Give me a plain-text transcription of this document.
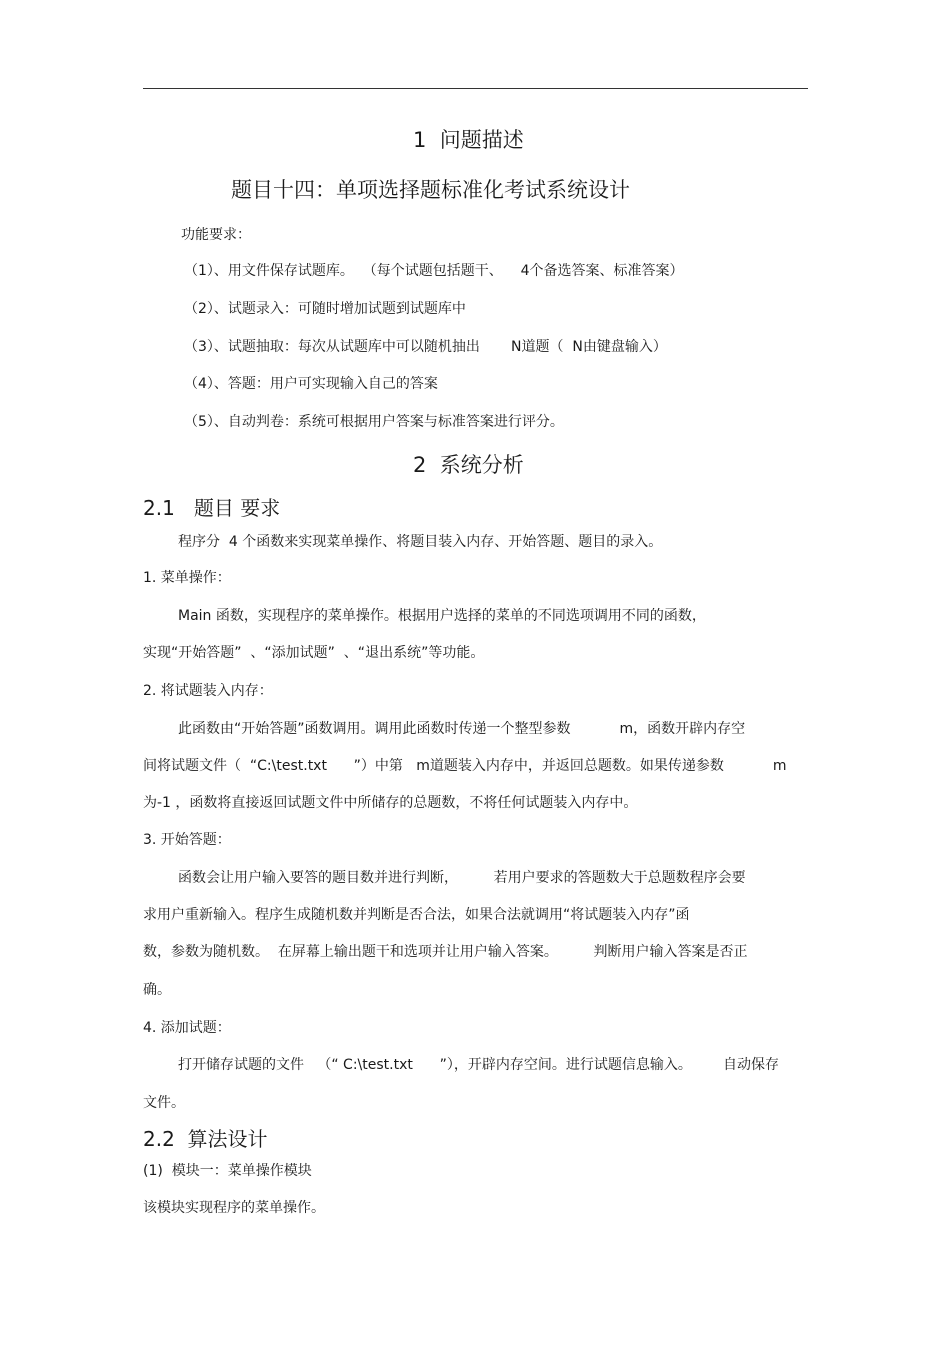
1  问题描述
题目十四：单项选择题标准化考试系统设计
功能要求：
（1）、用文件保存试题库。  （每个试题包括题干、    4个备选答案、标准答案）
（2）、试题录入：可随时增加试题到试题库中
（3）、试题抽取：每次从试题库中可以随机抽出       N道题（  N由键盘输入）
（4）、答题：用户可实现输入自己的答案
（5）、自动判卷：系统可根据用户答案与标准答案进行评分。
2  系统分析
2.1   题目 要求
程序分  4 个函数来实现菜单操作、将题目装入内存、开始答题、题目的录入。
1. 菜单操作：
Main 函数，实现程序的菜单操作。根据用户选择的菜单的不同选项调用不同的函数，
实现“开始答题”  、“添加试题”  、“退出系统”等功能。
2. 将试题装入内存：
此函数由“开始答题”函数调用。调用此函数时传递一个整型参数           m，函数开辟内存空
间将试题文件（  “C:\test.txt      ”）中第   m道题装入内存中，并返回总题数。如果传递参数           m
为-1 ，函数将直接返回试题文件中所储存的总题数，不将任何试题装入内存中。
3. 开始答题：
函数会让用户输入要答的题目数并进行判断，        若用户要求的答题数大于总题数程序会要
求用户重新输入。程序生成随机数并判断是否合法，如果合法就调用“将试题装入内存”函
数，参数为随机数。  在屏幕上输出题干和选项并让用户输入答案。        判断用户输入答案是否正
确。
4. 添加试题：
打开储存试题的文件   （“ C:\test.txt      ”），开辟内存空间。进行试题信息输入。       自动保存
文件。
2.2  算法设计
(1)  模块一：菜单操作模块
该模块实现程序的菜单操作。
